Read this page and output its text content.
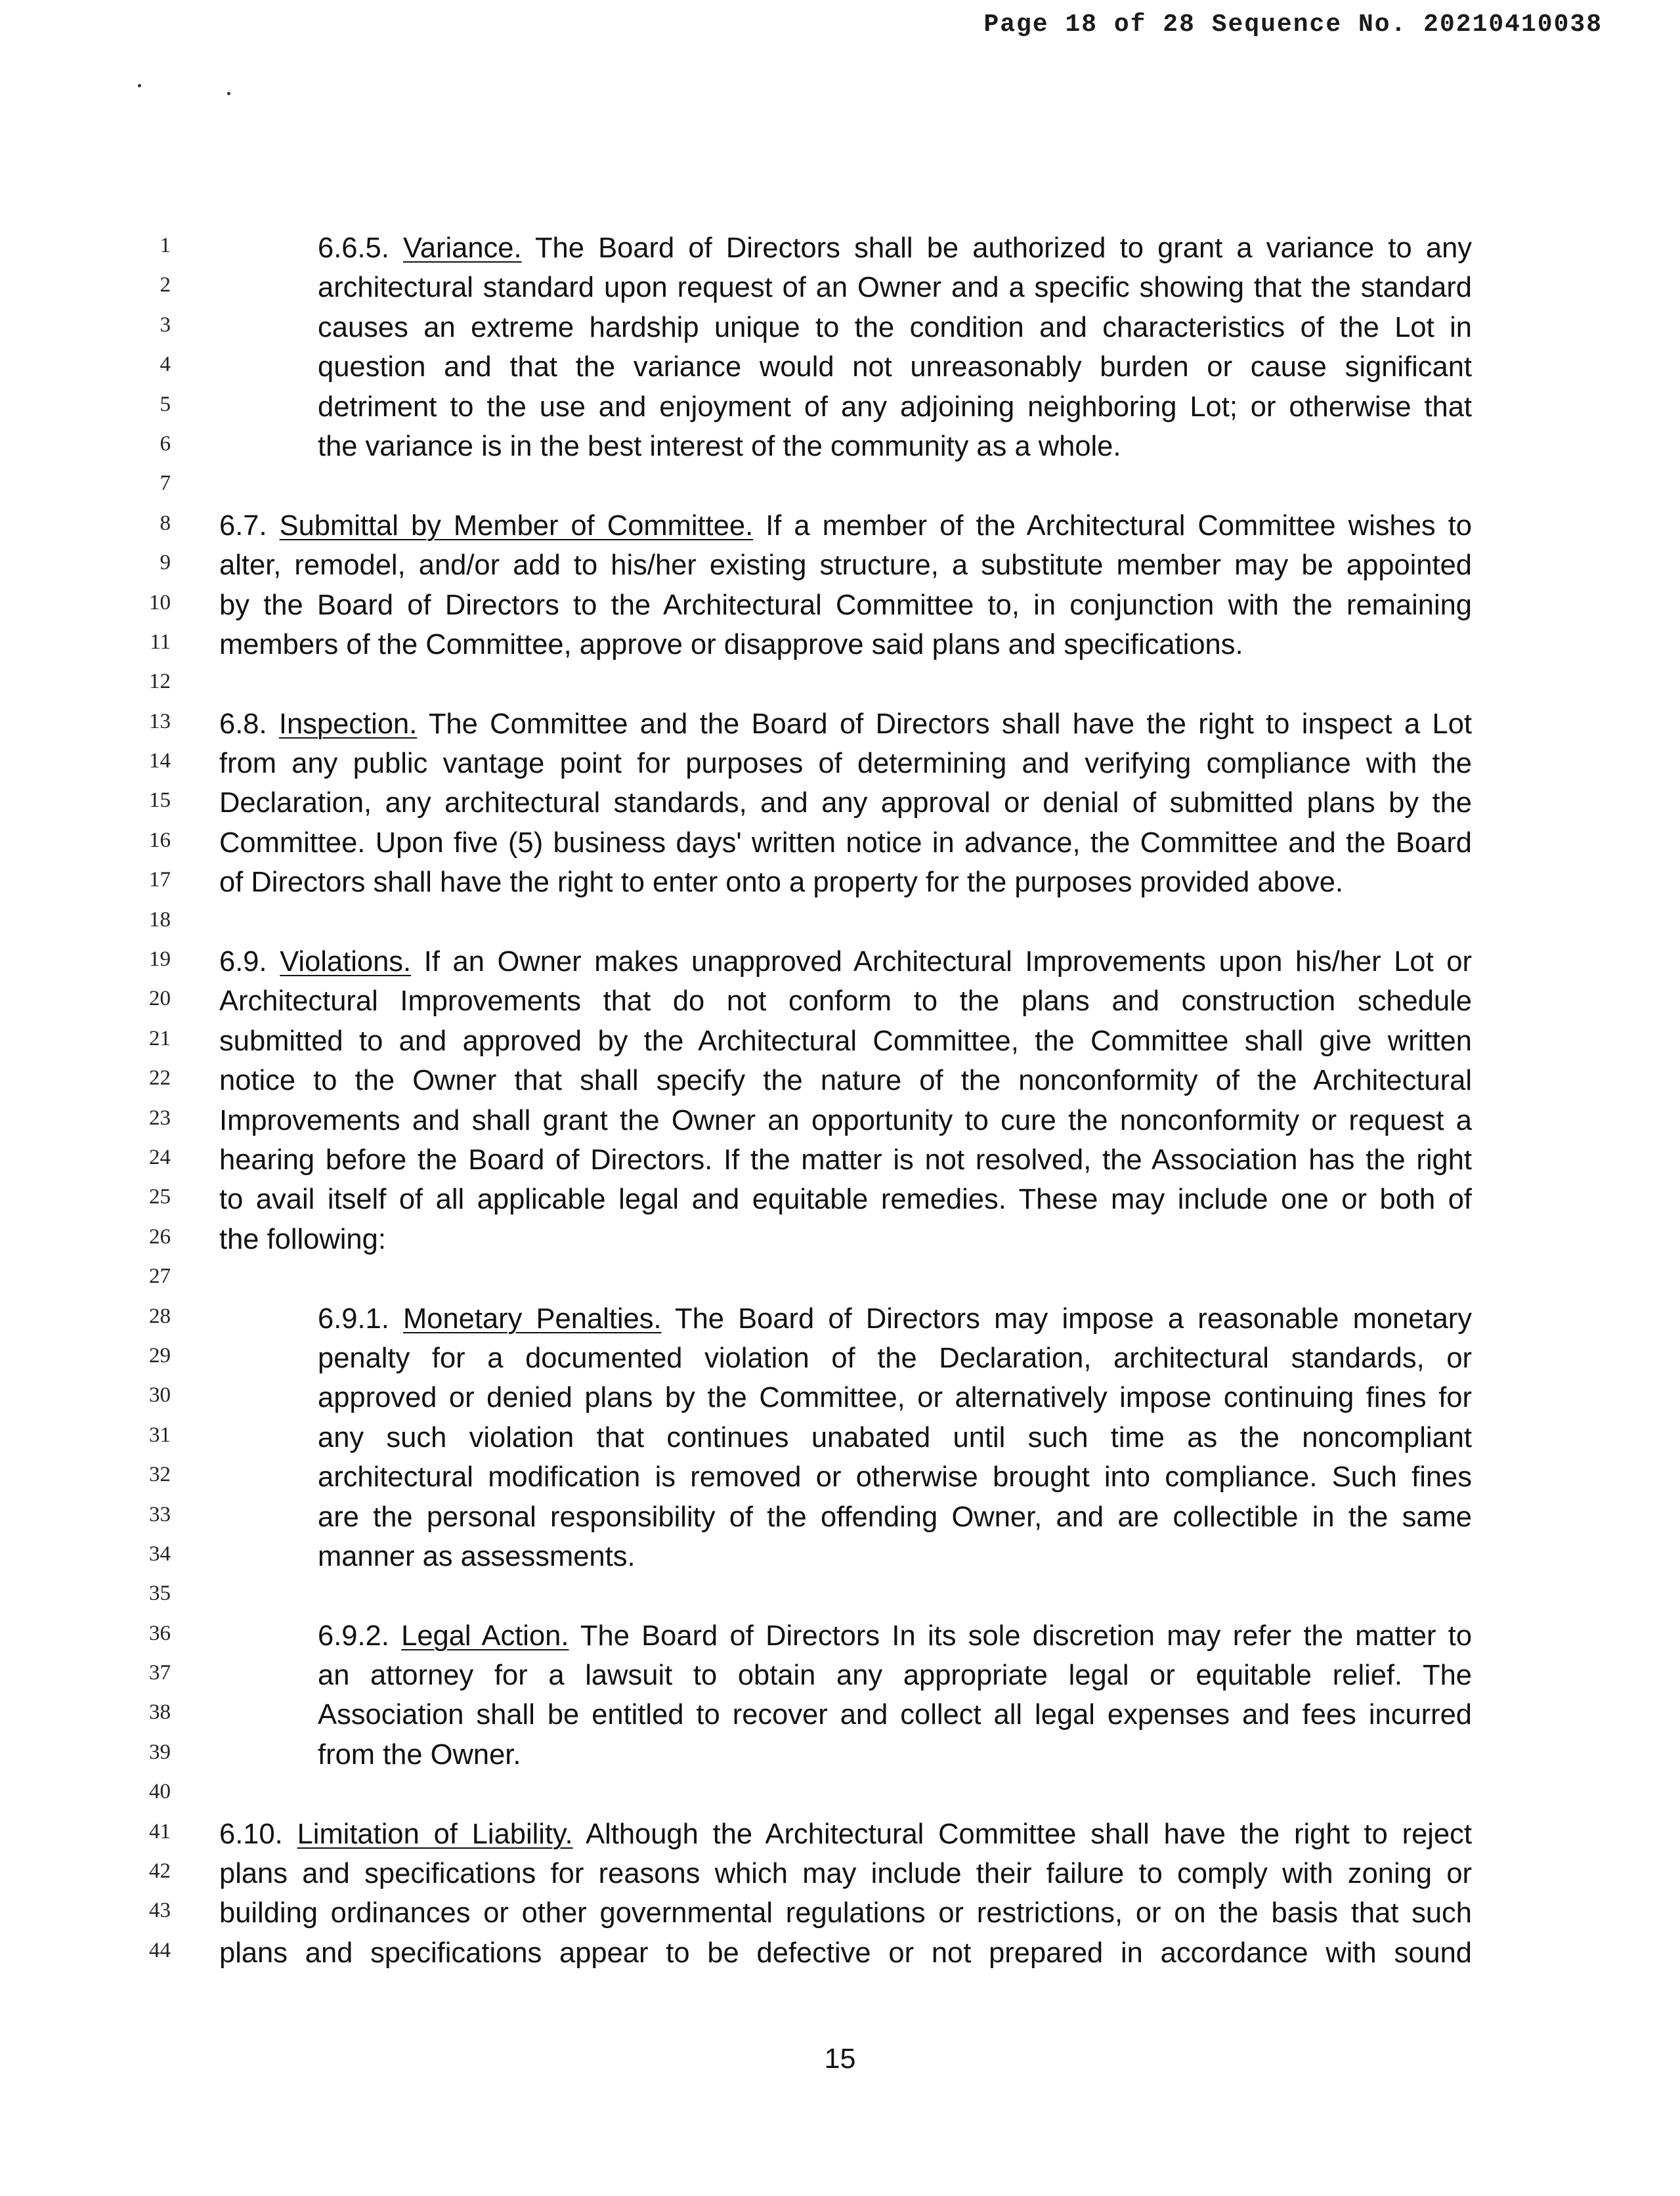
Page 18 of 28 Sequence No. 20210410038
1	6.6.5. Variance. The Board of Directors shall be authorized to grant a variance to any
2	architectural standard upon request of an Owner and a specific showing that the standard
3	causes an extreme hardship unique to the condition and characteristics of the Lot in
4	question and that the variance would not unreasonably burden or cause significant
5	detriment to the use and enjoyment of any adjoining neighboring Lot; or otherwise that
6	the variance is in the best interest of the community as a whole.
7
8 6.7. Submittal by Member of Committee. If a member of the Architectural Committee wishes to
9 alter, remodel, and/or add to his/her existing structure, a substitute member may be appointed
10 by the Board of Directors to the Architectural Committee to, in conjunction with the remaining
11 members of the Committee, approve or disapprove said plans and specifications.
12
13 6.8. Inspection. The Committee and the Board of Directors shall have the right to inspect a Lot
14 from any public vantage point for purposes of determining and verifying compliance with the
15 Declaration, any architectural standards, and any approval or denial of submitted plans by the
16 Committee. Upon five (5) business days' written notice in advance, the Committee and the Board
17 of Directors shall have the right to enter onto a property for the purposes provided above.
18
19 6.9. Violations. If an Owner makes unapproved Architectural Improvements upon his/her Lot or
20 Architectural Improvements that do not conform to the plans and construction schedule
21 submitted to and approved by the Architectural Committee, the Committee shall give written
22 notice to the Owner that shall specify the nature of the nonconformity of the Architectural
23 Improvements and shall grant the Owner an opportunity to cure the nonconformity or request a
24 hearing before the Board of Directors. If the matter is not resolved, the Association has the right
25 to avail itself of all applicable legal and equitable remedies. These may include one or both of
26 the following:
27
28	6.9.1. Monetary Penalties. The Board of Directors may impose a reasonable monetary
29	penalty for a documented violation of the Declaration, architectural standards, or
30	approved or denied plans by the Committee, or alternatively impose continuing fines for
31	any such violation that continues unabated until such time as the noncompliant
32	architectural modification is removed or otherwise brought into compliance. Such fines
33	are the personal responsibility of the offending Owner, and are collectible in the same
34	manner as assessments.
35
36	6.9.2. Legal Action. The Board of Directors In its sole discretion may refer the matter to
37	an attorney for a lawsuit to obtain any appropriate legal or equitable relief. The
38	Association shall be entitled to recover and collect all legal expenses and fees incurred
39	from the Owner.
40
41 6.10. Limitation of Liability. Although the Architectural Committee shall have the right to reject
42 plans and specifications for reasons which may include their failure to comply with zoning or
43 building ordinances or other governmental regulations or restrictions, or on the basis that such
44 plans and specifications appear to be defective or not prepared in accordance with sound
15
